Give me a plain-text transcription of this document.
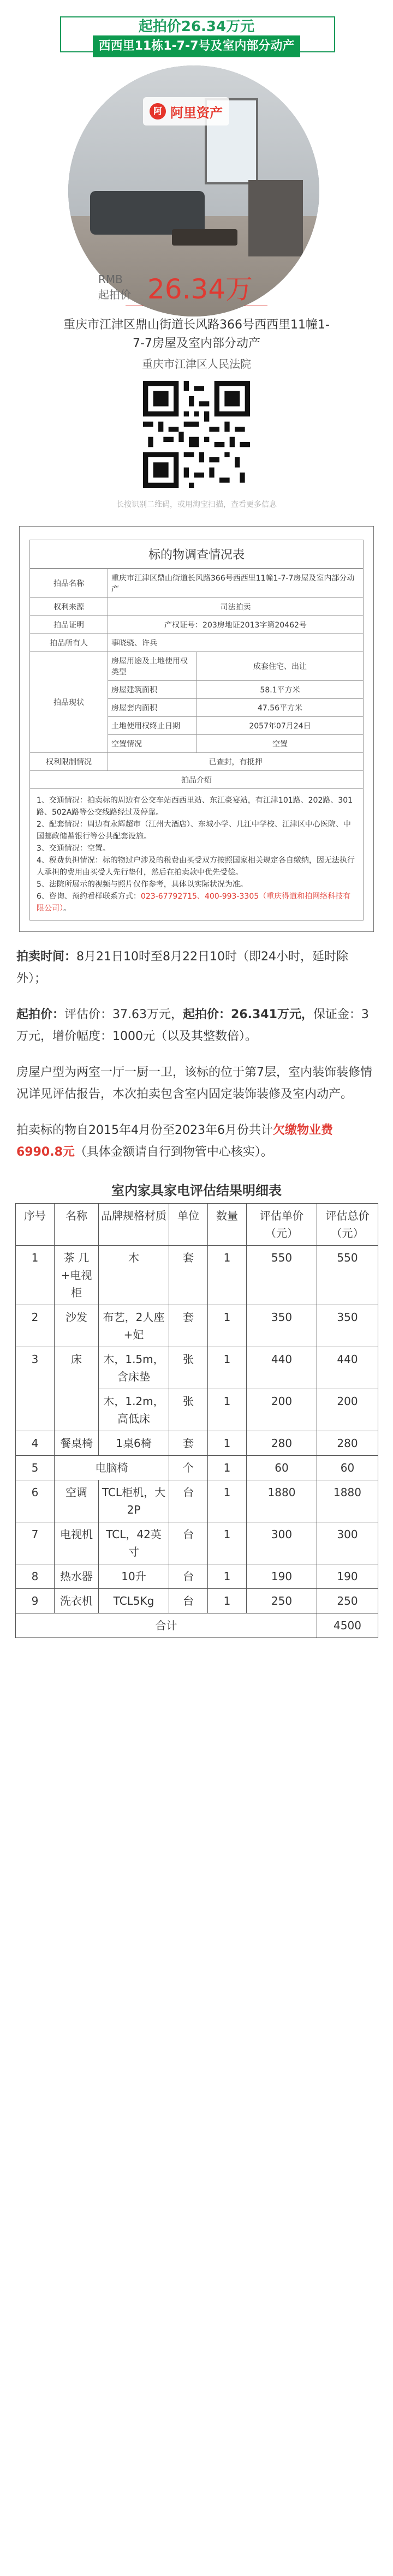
起拍价26.34万元
西西里11栋1-7-7号及室内部分动产
阿 阿里资产
RMB
起拍价 26.34万
重庆市江津区鼎山街道长风路366号西西里11幢1-7-7房屋及室内部分动产
重庆市江津区人民法院
长按识别二维码，或用淘宝扫描，查看更多信息
标的物调查情况表
拍品名称	重庆市江津区鼎山街道长风路366号西西里11幢1-7-7房屋及室内部分动产	
权利来源	司法拍卖	
拍品证明	产权证号：203房地证2013字第20462号	
拍品所有人	事晓骁、许兵	
拍品现状	房屋用途及土地使用权类型	成套住宅、出让
	房屋建筑面积	58.1平方米
	房屋套内面积	47.56平方米
	土地使用权终止日期	2057年07月24日
	空置情况	空置
权利限制情况	已查封，有抵押	
拍品介绍		

1、交通情况：拍卖标的周边有公交车站西西里站、东江豪宴站，有江津101路、202路、301路、502A路等公交线路经过及停靠。

2、配套情况：周边有永辉超市（江州大酒店）、东城小学、几江中学校、江津区中心医院、中国邮政储蓄银行等公共配套设施。

3、交通情况：空置。

4、税费负担情况：标的物过户涉及的税费由买受双方按照国家相关规定各自缴纳，因无法执行人承担的费用由买受人先行垫付，然后在拍卖款中优先受偿。

5、法院所展示的视频与照片仅作参考，具体以实际状况为准。

6、咨询、预约看样联系方式：023-67792715、400-993-3305（重庆得道和拍网络科技有限公司）。

拍卖时间：8月21日10时至8月22日10时（即24小时，延时除外）；
起拍价：评估价：37.63万元，起拍价：26.341万元，保证金：3万元，增价幅度：1000元（以及其整数倍）。
房屋户型为两室一厅一厨一卫，该标的位于第7层，室内装饰装修情况详见评估报告，本次拍卖包含室内固定装饰装修及室内动产。
拍卖标的物自2015年4月份至2023年6月份共计欠缴物业费6990.8元（具体金额请自行到物管中心核实）。
室内家具家电评估结果明细表
序号	名称	品牌规格材质	单位	数量	评估单价（元）	评估总价（元）
1	茶 几+电视柜	木	套	1	550	550
2	沙发	布艺，2人座+妃	套	1	350	350
3	床	木，1.5m，含床垫	张	1	440	440
		木，1.2m，高低床	张	1	200	200
4	餐桌椅	1桌6椅	套	1	280	280
5	电脑椅		个	1	60	60
6	空调	TCL柜机，大2P	台	1	1880	1880
7	电视机	TCL，42英寸	台	1	300	300
8	热水器	10升	台	1	190	190
9	洗衣机	TCL5Kg	台	1	250	250
合计						4500
